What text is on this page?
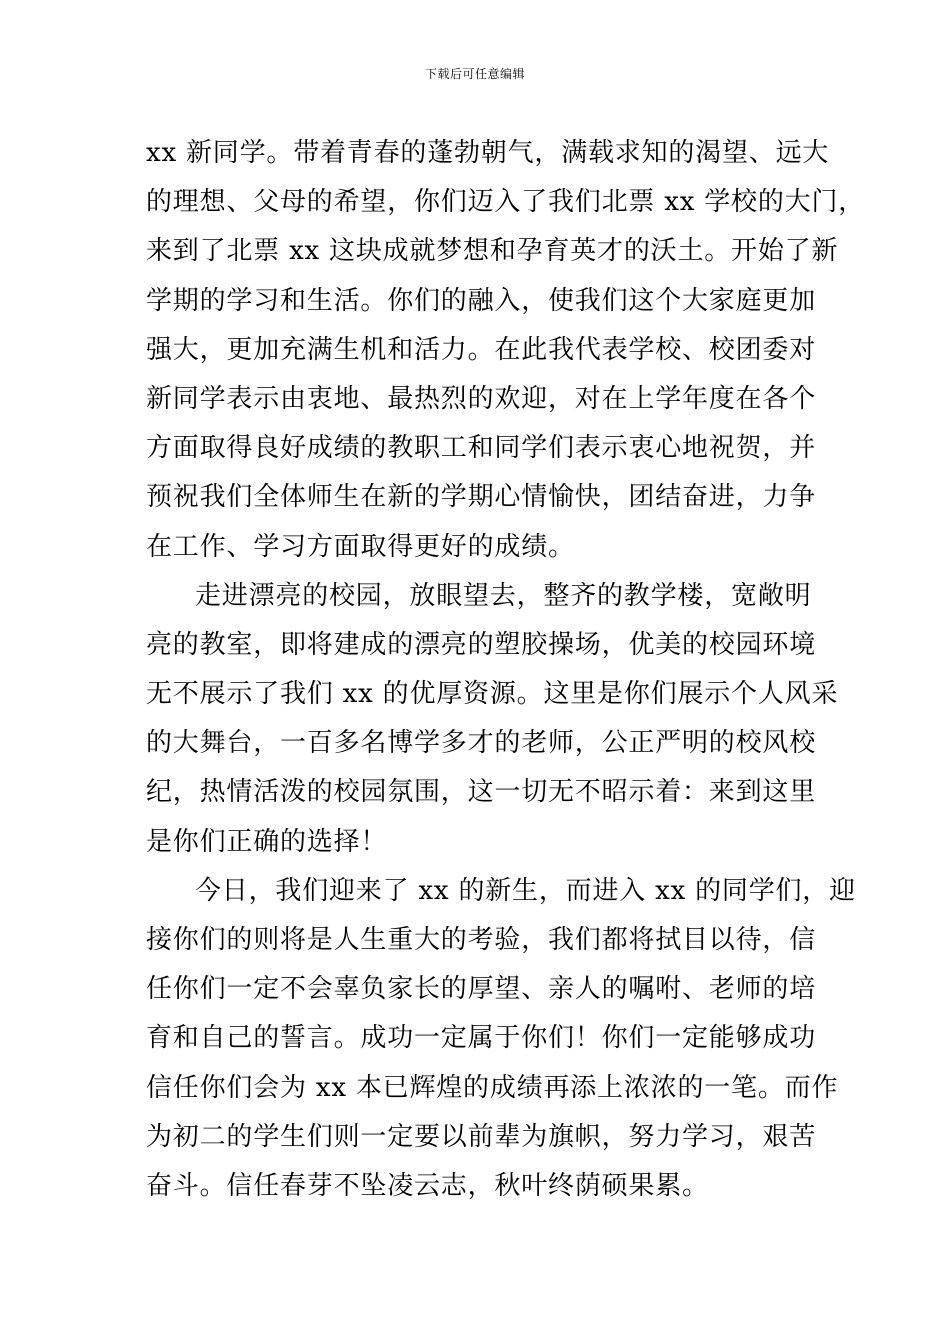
下载后可任意编辑
xx 新同学。带着青春的蓬勃朝气，满载求知的渴望、远大
的理想、父母的希望，你们迈入了我们北票 xx 学校的大门，
来到了北票 xx 这块成就梦想和孕育英才的沃土。开始了新
学期的学习和生活。你们的融入，使我们这个大家庭更加
强大，更加充满生机和活力。在此我代表学校、校团委对
新同学表示由衷地、最热烈的欢迎，对在上学年度在各个
方面取得良好成绩的教职工和同学们表示衷心地祝贺，并
预祝我们全体师生在新的学期心情愉快，团结奋进，力争
在工作、学习方面取得更好的成绩。
走进漂亮的校园，放眼望去，整齐的教学楼，宽敞明
亮的教室，即将建成的漂亮的塑胶操场，优美的校园环境
无不展示了我们 xx 的优厚资源。这里是你们展示个人风采
的大舞台，一百多名博学多才的老师，公正严明的校风校
纪，热情活泼的校园氛围，这一切无不昭示着：来到这里
是你们正确的选择！
今日，我们迎来了 xx 的新生，而进入 xx 的同学们，迎
接你们的则将是人生重大的考验，我们都将拭目以待，信
任你们一定不会辜负家长的厚望、亲人的嘱咐、老师的培
育和自己的誓言。成功一定属于你们！你们一定能够成功
信任你们会为 xx 本已辉煌的成绩再添上浓浓的一笔。而作
为初二的学生们则一定要以前辈为旗帜，努力学习，艰苦
奋斗。信任春芽不坠凌云志，秋叶终荫硕果累。
